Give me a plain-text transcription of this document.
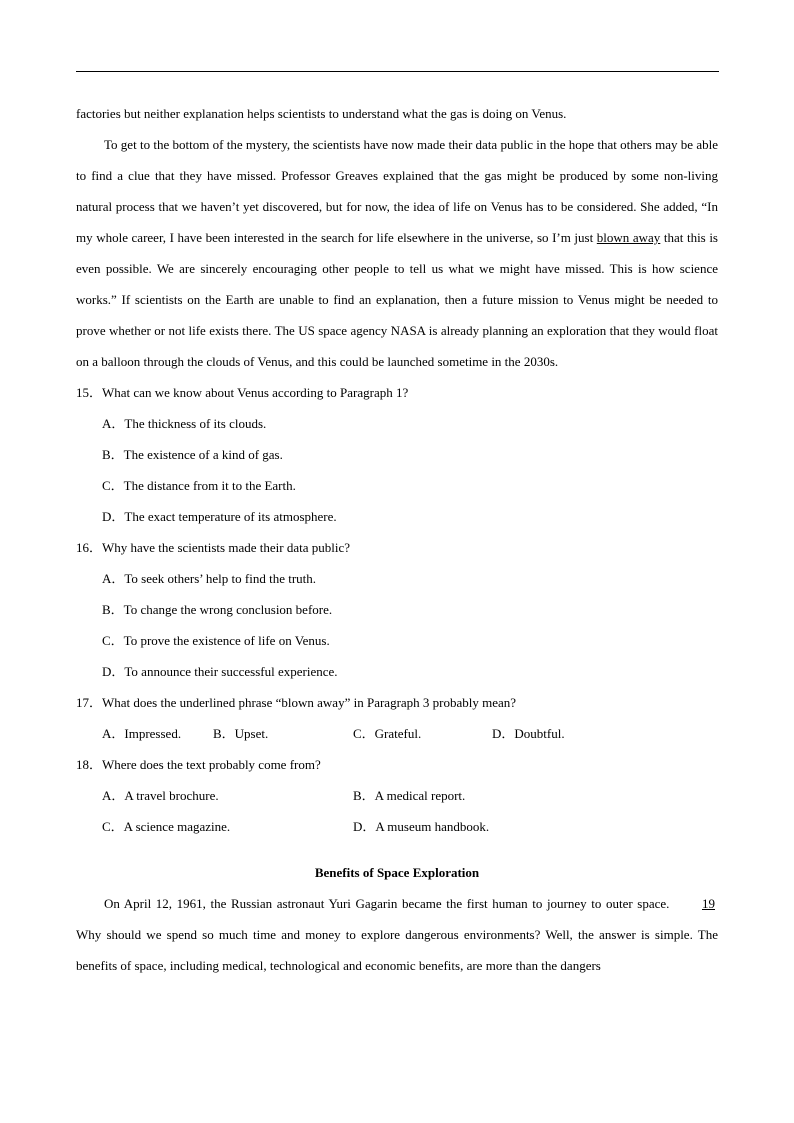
factories but neither explanation helps scientists to understand what the gas is doing on Venus.

To get to the bottom of the mystery, the scientists have now made their data public in the hope that others may be able to find a clue that they have missed. Professor Greaves explained that the gas might be produced by some non-living natural process that we haven’t yet discovered, but for now, the idea of life on Venus has to be considered. She added, “In my whole career, I have been interested in the search for life elsewhere in the universe, so I’m just blown away that this is even possible. We are sincerely encouraging other people to tell us what we might have missed. This is how science works.” If scientists on the Earth are unable to find an explanation, then a future mission to Venus might be needed to prove whether or not life exists there. The US space agency NASA is already planning an exploration that they would float on a balloon through the clouds of Venus, and this could be launched sometime in the 2030s.

15．What can we know about Venus according to Paragraph 1?

A．The thickness of its clouds.

B．The existence of a kind of gas.

C．The distance from it to the Earth.

D．The exact temperature of its atmosphere.

16．Why have the scientists made their data public?

A．To seek others’ help to find the truth.

B．To change the wrong conclusion before.

C．To prove the existence of life on Venus.

D．To announce their successful experience.

17．What does the underlined phrase “blown away” in Paragraph 3 probably mean?

A．Impressed.	B．Upset.	C．Grateful.	D．Doubtful.

18．Where does the text probably come from?

A．A travel brochure.	B．A medical report.

C．A science magazine.	D．A museum handbook.

Benefits of Space Exploration

On April 12, 1961, the Russian astronaut Yuri Gagarin became the first human to journey to outer space. 19 Why should we spend so much time and money to explore dangerous environments? Well, the answer is simple. The benefits of space, including medical, technological and economic benefits, are more than the dangers
